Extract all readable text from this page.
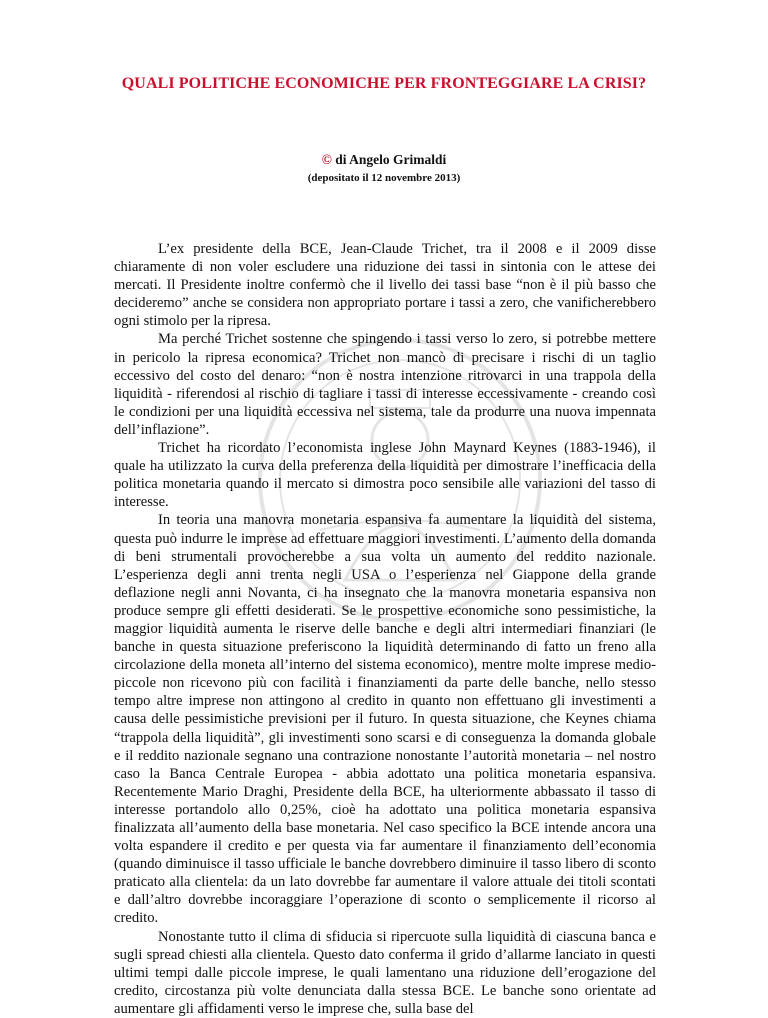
QUALI POLITICHE ECONOMICHE PER FRONTEGGIARE LA CRISI?
© di Angelo Grimaldi
(depositato il 12 novembre 2013)

L’ex presidente della BCE, Jean-Claude Trichet, tra il 2008 e il 2009 disse chiaramente di non voler escludere una riduzione dei tassi in sintonia con le attese dei mercati. Il Presidente inoltre confermò che il livello dei tassi base “non è il più basso che decideremo” anche se considera non appropriato portare i tassi a zero, che vanificherebbero ogni stimolo per la ripresa.

Ma perché Trichet sostenne che spingendo i tassi verso lo zero, si potrebbe mettere in pericolo la ripresa economica? Trichet non mancò di precisare i rischi di un taglio eccessivo del costo del denaro: “non è nostra intenzione ritrovarci in una trappola della liquidità - riferendosi al rischio di tagliare i tassi di interesse eccessivamente - creando così le condizioni per una liquidità eccessiva nel sistema, tale da produrre una nuova impennata dell’inflazione”.

Trichet ha ricordato l’economista inglese John Maynard Keynes (1883-1946), il quale ha utilizzato la curva della preferenza della liquidità per dimostrare l’inefficacia della politica monetaria quando il mercato si dimostra poco sensibile alle variazioni del tasso di interesse.

In teoria una manovra monetaria espansiva fa aumentare la liquidità del sistema, questa può indurre le imprese ad effettuare maggiori investimenti. L’aumento della domanda di beni strumentali provocherebbe a sua volta un aumento del reddito nazionale. L’esperienza degli anni trenta negli USA o l’esperienza nel Giappone della grande deflazione negli anni Novanta, ci ha insegnato che la manovra monetaria espansiva non produce sempre gli effetti desiderati. Se le prospettive economiche sono pessimistiche, la maggior liquidità aumenta le riserve delle banche e degli altri intermediari finanziari (le banche in questa situazione preferiscono la liquidità determinando di fatto un freno alla circolazione della moneta all’interno del sistema economico), mentre molte imprese medio-piccole non ricevono più con facilità i finanziamenti da parte delle banche, nello stesso tempo altre imprese non attingono al credito in quanto non effettuano gli investimenti a causa delle pessimistiche previsioni per il futuro. In questa situazione, che Keynes chiama “trappola della liquidità”, gli investimenti sono scarsi e di conseguenza la domanda globale e il reddito nazionale segnano una contrazione nonostante l’autorità monetaria – nel nostro caso la Banca Centrale Europea - abbia adottato una politica monetaria espansiva. Recentemente Mario Draghi, Presidente della BCE, ha ulteriormente abbassato il tasso di interesse portandolo allo 0,25%, cioè ha adottato una politica monetaria espansiva finalizzata all’aumento della base monetaria. Nel caso specifico la BCE intende ancora una volta espandere il credito e per questa via far aumentare il finanziamento dell’economia (quando diminuisce il tasso ufficiale le banche dovrebbero diminuire il tasso libero di sconto praticato alla clientela: da un lato dovrebbe far aumentare il valore attuale dei titoli scontati e dall’altro dovrebbe incoraggiare l’operazione di sconto o semplicemente il ricorso al credito.

Nonostante tutto il clima di sfiducia si ripercuote sulla liquidità di ciascuna banca e sugli spread chiesti alla clientela. Questo dato conferma il grido d’allarme lanciato in questi ultimi tempi dalle piccole imprese, le quali lamentano una riduzione dell’erogazione del credito, circostanza più volte denunciata dalla stessa BCE. Le banche sono orientate ad aumentare gli affidamenti verso le imprese che, sulla base del
